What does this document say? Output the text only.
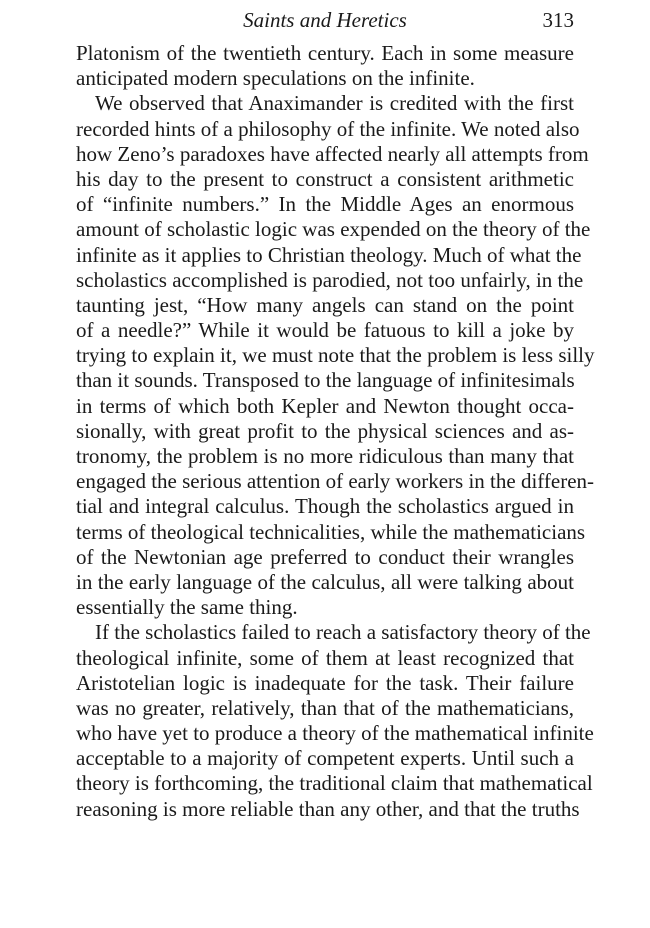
Saints and Heretics	313
Platonism of the twentieth century. Each in some measure
anticipated modern speculations on the infinite.
We observed that Anaximander is credited with the first
recorded hints of a philosophy of the infinite. We noted also
how Zeno’s paradoxes have affected nearly all attempts from
his day to the present to construct a consistent arithmetic
of “infinite numbers.” In the Middle Ages an enormous
amount of scholastic logic was expended on the theory of the
infinite as it applies to Christian theology. Much of what the
scholastics accomplished is parodied, not too unfairly, in the
taunting jest, “How many angels can stand on the point
of a needle?” While it would be fatuous to kill a joke by
trying to explain it, we must note that the problem is less silly
than it sounds. Transposed to the language of infinitesimals
in terms of which both Kepler and Newton thought occa-
sionally, with great profit to the physical sciences and as-
tronomy, the problem is no more ridiculous than many that
engaged the serious attention of early workers in the differen-
tial and integral calculus. Though the scholastics argued in
terms of theological technicalities, while the mathematicians
of the Newtonian age preferred to conduct their wrangles
in the early language of the calculus, all were talking about
essentially the same thing.
If the scholastics failed to reach a satisfactory theory of the
theological infinite, some of them at least recognized that
Aristotelian logic is inadequate for the task. Their failure
was no greater, relatively, than that of the mathematicians,
who have yet to produce a theory of the mathematical infinite
acceptable to a majority of competent experts. Until such a
theory is forthcoming, the traditional claim that mathematical
reasoning is more reliable than any other, and that the truths
